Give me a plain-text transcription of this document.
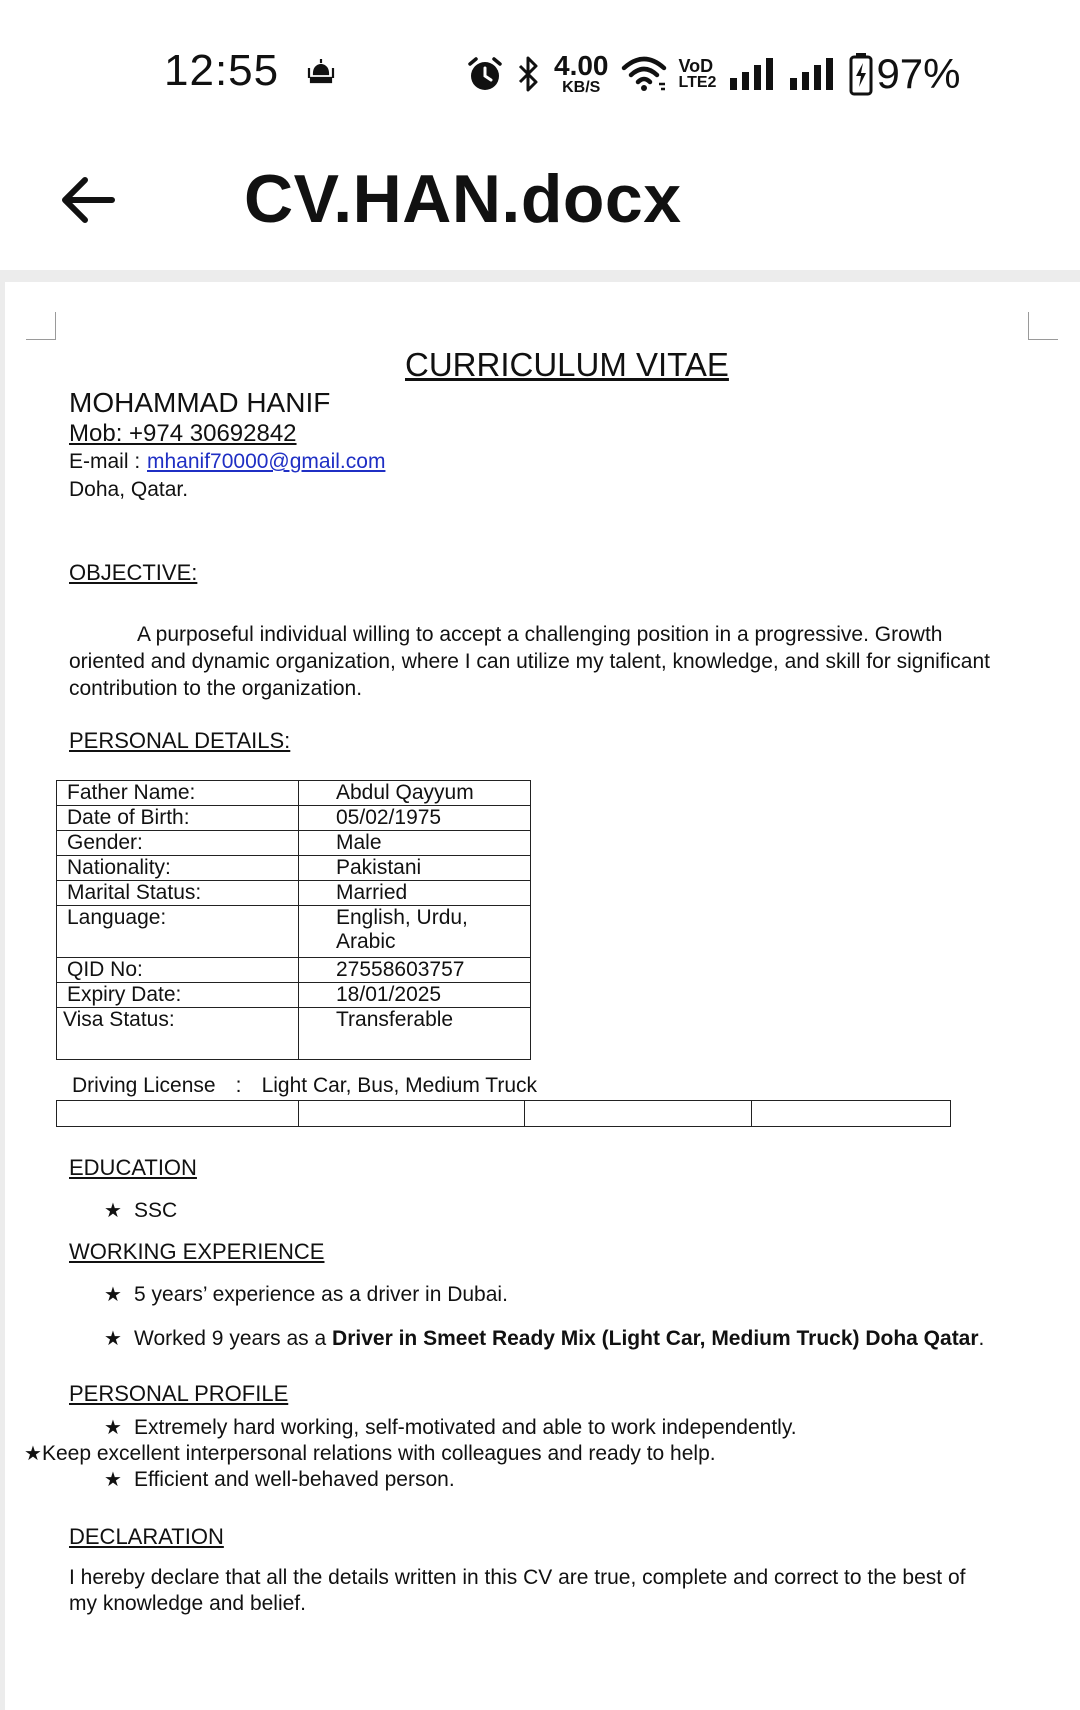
12:55	4.00
KB/S
VoD
LTE2	97%
CV.HAN.docx
CURRICULUM VITAE
MOHAMMAD HANIF
Mob: +974 30692842
E-mail : mhanif70000@gmail.com
Doha, Qatar.
OBJECTIVE:
A purposeful individual willing to accept a challenging position in a progressive. Growth oriented and dynamic organization, where I can utilize my talent, knowledge, and skill for significant contribution to the organization.
PERSONAL DETAILS:
Father Name:	Abdul Qayyum
Date of Birth:	05/02/1975
Gender:	Male
Nationality:	Pakistani
Marital Status:	Married
Language:	English, Urdu, Arabic

QID No:	27558603757
Expiry Date:	18/01/2025
Visa Status:	Transferable
Driving License : Light Car, Bus, Medium Truck

EDUCATION
★ SSC
WORKING EXPERIENCE
★ 5 years’ experience as a driver in Dubai.
★ Worked 9 years as a Driver in Smeet Ready Mix (Light Car, Medium Truck) Doha Qatar.
PERSONAL PROFILE
★ Extremely hard working, self-motivated and able to work independently.
★Keep excellent interpersonal relations with colleagues and ready to help.
★ Efficient and well-behaved person.
DECLARATION
I hereby declare that all the details written in this CV are true, complete and correct to the best of my knowledge and belief.
